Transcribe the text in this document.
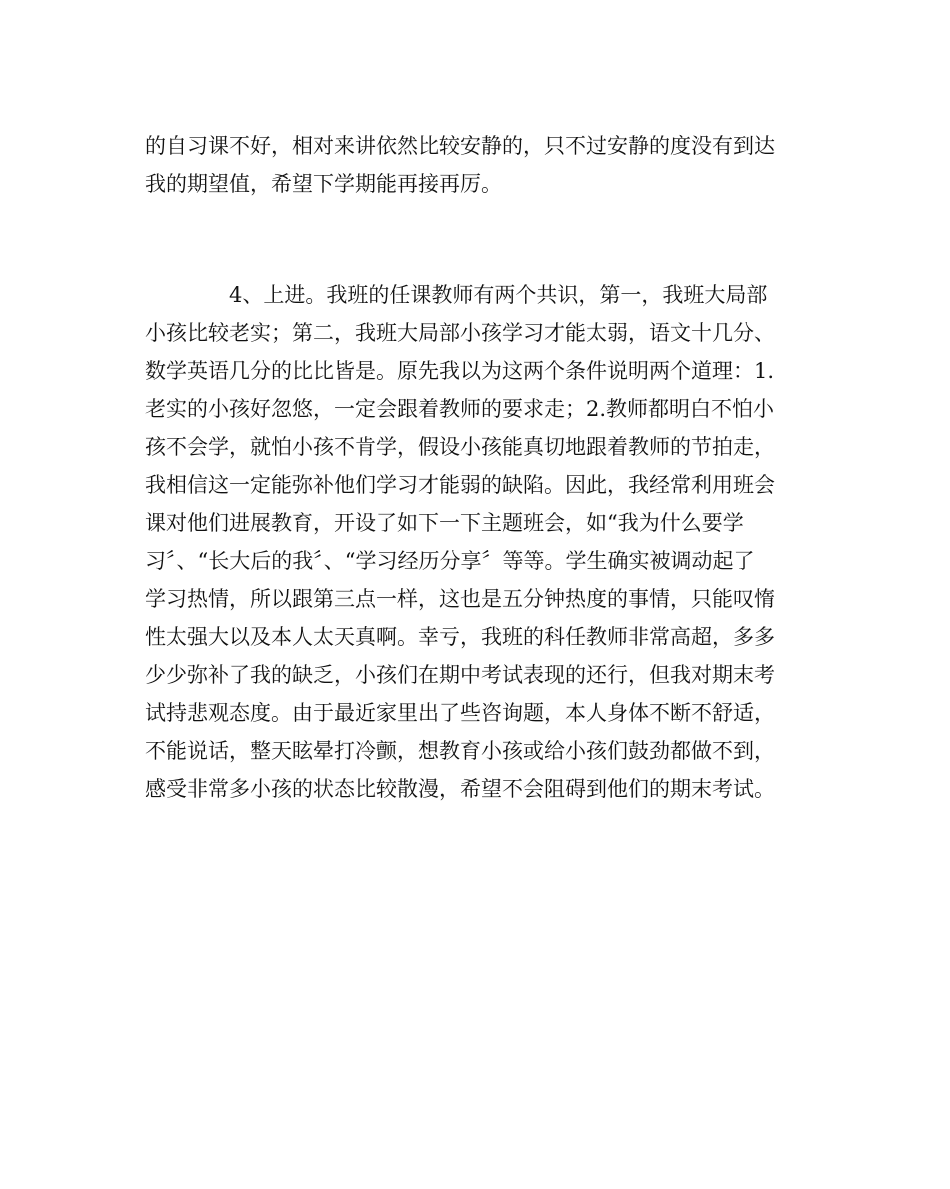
的自习课不好，相对来讲依然比较安静的，只不过安静的度没有到达
我的期望值，希望下学期能再接再厉。
4、上进。我班的任课教师有两个共识，第一，我班大局部
小孩比较老实；第二，我班大局部小孩学习才能太弱，语文十几分、
数学英语几分的比比皆是。原先我以为这两个条件说明两个道理：1.
老实的小孩好忽悠，一定会跟着教师的要求走；2.教师都明白不怕小
孩不会学，就怕小孩不肯学，假设小孩能真切地跟着教师的节拍走，
我相信这一定能弥补他们学习才能弱的缺陷。因此，我经常利用班会
课对他们进展教育，开设了如下一下主题班会，如“我为什么要学
习〞、“长大后的我〞、“学习经历分享〞等等。学生确实被调动起了
学习热情，所以跟第三点一样，这也是五分钟热度的事情，只能叹惰
性太强大以及本人太天真啊。幸亏，我班的科任教师非常高超，多多
少少弥补了我的缺乏，小孩们在期中考试表现的还行，但我对期末考
试持悲观态度。由于最近家里出了些咨询题，本人身体不断不舒适，
不能说话，整天眩晕打冷颤，想教育小孩或给小孩们鼓劲都做不到，
感受非常多小孩的状态比较散漫，希望不会阻碍到他们的期末考试。
